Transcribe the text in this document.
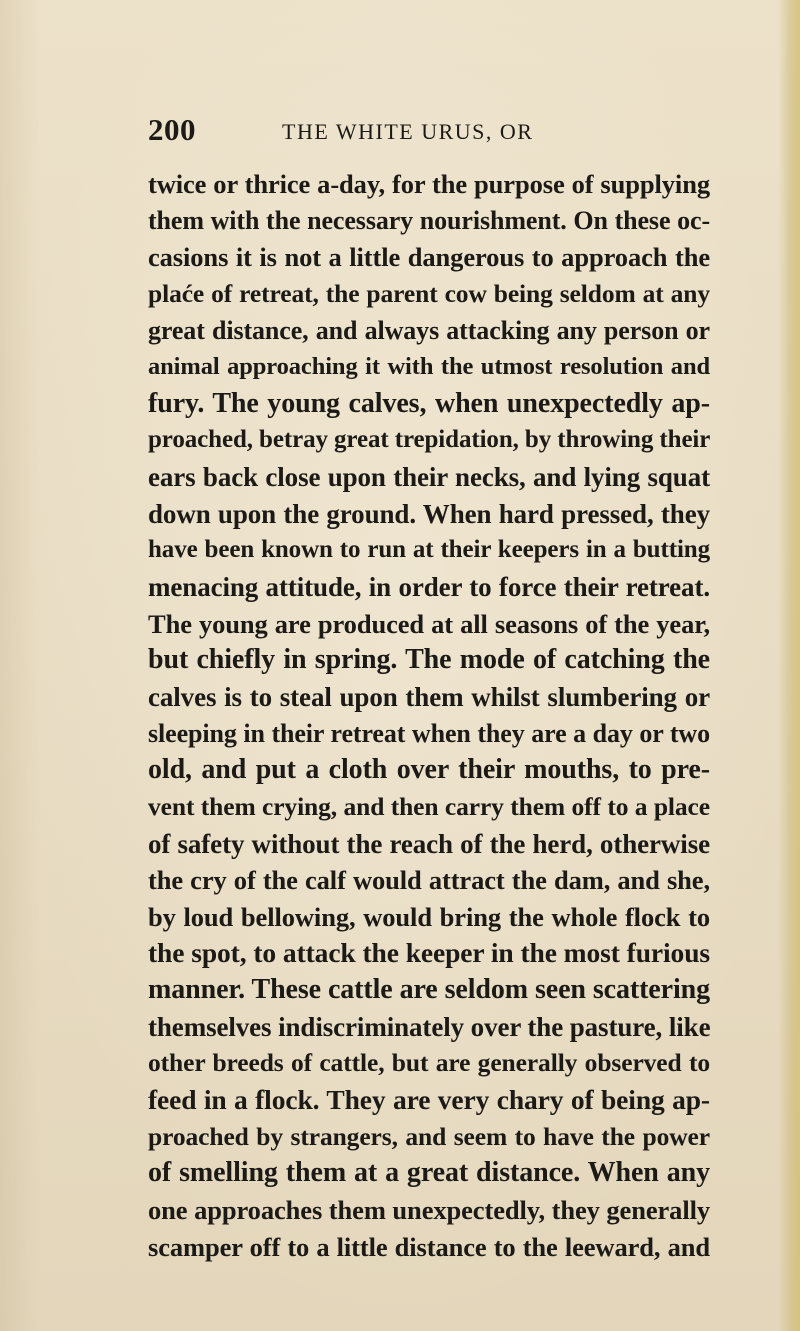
200	THE WHITE URUS, OR
twice or thrice a-day, for the purpose of supplying
them with the necessary nourishment. On these oc-
casions it is not a little dangerous to approach the
plaće of retreat, the parent cow being seldom at any
great distance, and always attacking any person or
animal approaching it with the utmost resolution and
fury. The young calves, when unexpectedly ap-
proached, betray great trepidation, by throwing their
ears back close upon their necks, and lying squat
down upon the ground. When hard pressed, they
have been known to run at their keepers in a butting
menacing attitude, in order to force their retreat.
The young are produced at all seasons of the year,
but chiefly in spring. The mode of catching the
calves is to steal upon them whilst slumbering or
sleeping in their retreat when they are a day or two
old, and put a cloth over their mouths, to pre-
vent them crying, and then carry them off to a place
of safety without the reach of the herd, otherwise
the cry of the calf would attract the dam, and she,
by loud bellowing, would bring the whole flock to
the spot, to attack the keeper in the most furious
manner. These cattle are seldom seen scattering
themselves indiscriminately over the pasture, like
other breeds of cattle, but are generally observed to
feed in a flock. They are very chary of being ap-
proached by strangers, and seem to have the power
of smelling them at a great distance. When any
one approaches them unexpectedly, they generally
scamper off to a little distance to the leeward, and
